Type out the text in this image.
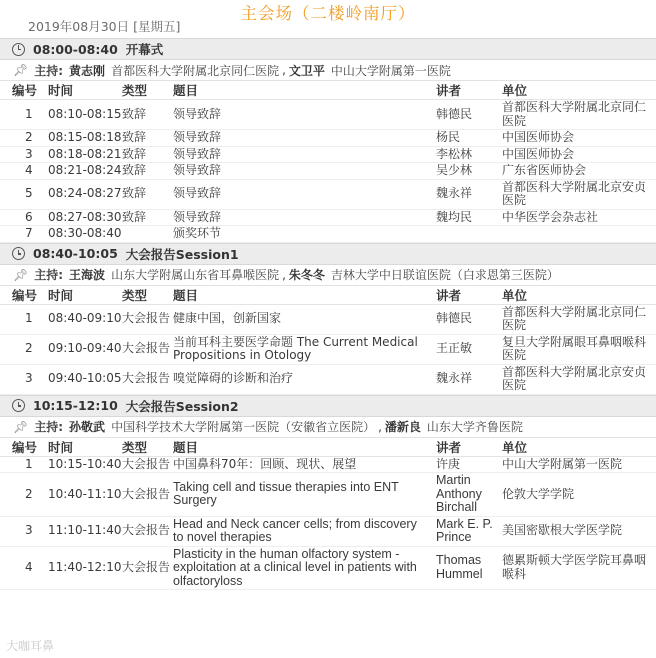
主会场（二楼岭南厅）
2019年08月30日 [星期五]
08:00-08:40 开幕式
📌︎ 主持: 黄志刚 首都医科大学附属北京同仁医院 , 文卫平 中山大学附属第一医院
编号	时间	类型	题目	讲者	单位
1	08:10-08:15	致辞	领导致辞	韩德民	首都医科大学附属北京同仁医院
2	08:15-08:18	致辞	领导致辞	杨民	中国医师协会
3	08:18-08:21	致辞	领导致辞	李松林	中国医师协会
4	08:21-08:24	致辞	领导致辞	吴少林	广东省医师协会
5	08:24-08:27	致辞	领导致辞	魏永祥	首都医科大学附属北京安贞医院
6	08:27-08:30	致辞	领导致辞	魏均民	中华医学会杂志社
7	08:30-08:40		颁奖环节		
08:40-10:05 大会报告Session1
📌︎ 主持: 王海波 山东大学附属山东省耳鼻喉医院 , 朱冬冬 吉林大学中日联谊医院（白求恩第三医院）
编号	时间	类型	题目	讲者	单位
1	08:40-09:10	大会报告	健康中国，创新国家	韩德民	首都医科大学附属北京同仁医院
2	09:10-09:40	大会报告	当前耳科主要医学命题 The Current Medical Propositions in Otology	王正敏	复旦大学附属眼耳鼻咽喉科医院
3	09:40-10:05	大会报告	嗅觉障碍的诊断和治疗	魏永祥	首都医科大学附属北京安贞医院
10:15-12:10 大会报告Session2
📌︎ 主持: 孙敬武 中国科学技术大学附属第一医院（安徽省立医院） , 潘新良 山东大学齐鲁医院
编号	时间	类型	题目	讲者	单位
1	10:15-10:40	大会报告	中国鼻科70年：回顾、现状、展望	许庚	中山大学附属第一医院
2	10:40-11:10	大会报告	Taking cell and tissue therapies into ENT Surgery	Martin Anthony Birchall	伦敦大学学院
3	11:10-11:40	大会报告	Head and Neck cancer cells; from discovery to novel therapies	Mark E. P. Prince	美国密歇根大学医学院
4	11:40-12:10	大会报告	Plasticity in the human olfactory system - exploitation at a clinical level in patients with olfactoryloss	Thomas Hummel	德累斯顿大学医学院耳鼻咽喉科
大咖耳鼻
